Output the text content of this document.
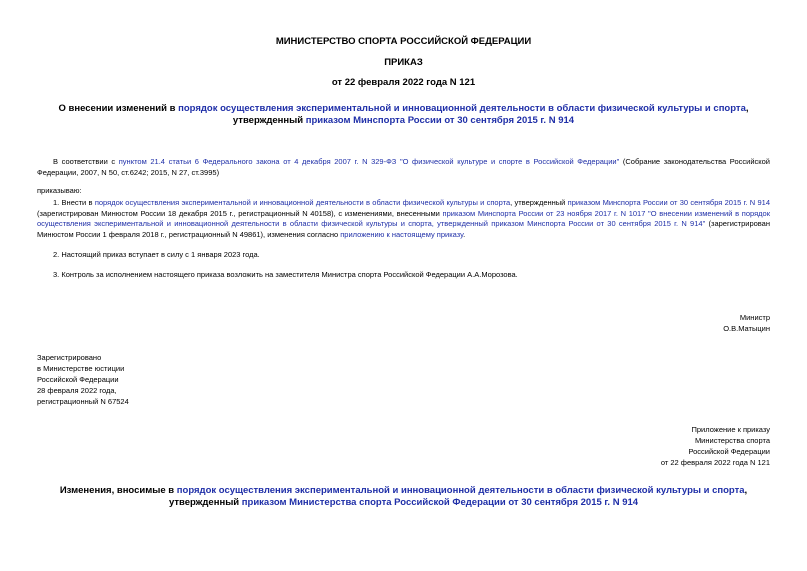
МИНИСТЕРСТВО СПОРТА РОССИЙСКОЙ ФЕДЕРАЦИИ
ПРИКАЗ
от 22 февраля 2022 года N 121
О внесении изменений в порядок осуществления экспериментальной и инновационной деятельности в области физической культуры и спорта, утвержденный приказом Минспорта России от 30 сентября 2015 г. N 914
В соответствии с пунктом 21.4 статьи 6 Федерального закона от 4 декабря 2007 г. N 329-ФЗ "О физической культуре и спорте в Российской Федерации" (Собрание законодательства Российской Федерации, 2007, N 50, ст.6242; 2015, N 27, ст.3995)
приказываю:
1. Внести в порядок осуществления экспериментальной и инновационной деятельности в области физической культуры и спорта, утвержденный приказом Минспорта России от 30 сентября 2015 г. N 914 (зарегистрирован Минюстом России 18 декабря 2015 г., регистрационный N 40158), с изменениями, внесенными приказом Минспорта России от 23 ноября 2017 г. N 1017 "О внесении изменений в порядок осуществления экспериментальной и инновационной деятельности в области физической культуры и спорта, утвержденный приказом Минспорта России от 30 сентября 2015 г. N 914" (зарегистрирован Минюстом России 1 февраля 2018 г., регистрационный N 49861), изменения согласно приложению к настоящему приказу.
2. Настоящий приказ вступает в силу с 1 января 2023 года.
3. Контроль за исполнением настоящего приказа возложить на заместителя Министра спорта Российской Федерации А.А.Морозова.
Министр
О.В.Матыцин
Зарегистрировано
в Министерстве юстиции
Российской Федерации
28 февраля 2022 года,
регистрационный N 67524
Приложение к приказу
Министерства спорта
Российской Федерации
от 22 февраля 2022 года N 121
Изменения, вносимые в порядок осуществления экспериментальной и инновационной деятельности в области физической культуры и спорта, утвержденный приказом Министерства спорта Российской Федерации от 30 сентября 2015 г. N 914
